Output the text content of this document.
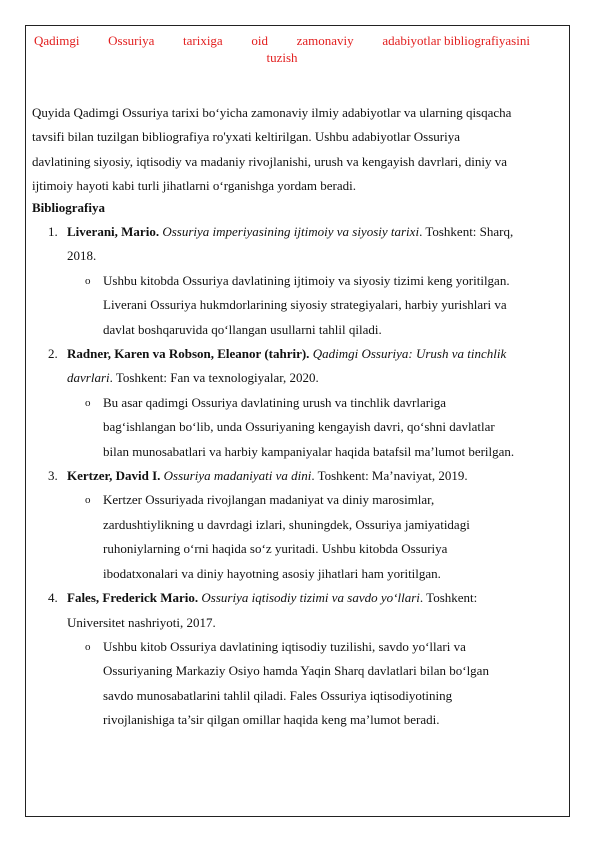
Qadimgi Ossuriya tarixiga oid zamonaviy adabiyotlar bibliografiyasini
tuzish

Quyida Qadimgi Ossuriya tarixi bo‘yicha zamonaviy ilmiy adabiyotlar va ularning qisqacha tavsifi bilan tuzilgan bibliografiya ro'yxati keltirilgan. Ushbu adabiyotlar Ossuriya davlatining siyosiy, iqtisodiy va madaniy rivojlanishi, urush va kengayish davrlari, diniy va ijtimoiy hayoti kabi turli jihatlarni o‘rganishga yordam beradi.

Bibliografiya

1. Liverani, Mario. Ossuriya imperiyasining ijtimoiy va siyosiy tarixi. Toshkent: Sharq, 2018.
o Ushbu kitobda Ossuriya davlatining ijtimoiy va siyosiy tizimi keng yoritilgan. Liverani Ossuriya hukmdorlarining siyosiy strategiyalari, harbiy yurishlari va davlat boshqaruvida qo‘llangan usullarni tahlil qiladi.
2. Radner, Karen va Robson, Eleanor (tahrir). Qadimgi Ossuriya: Urush va tinchlik davrlari. Toshkent: Fan va texnologiyalar, 2020.
o Bu asar qadimgi Ossuriya davlatining urush va tinchlik davrlariga bag‘ishlangan bo‘lib, unda Ossuriyaning kengayish davri, qo‘shni davlatlar bilan munosabatlari va harbiy kampaniyalar haqida batafsil ma’lumot berilgan.
3. Kertzer, David I. Ossuriya madaniyati va dini. Toshkent: Ma’naviyat, 2019.
o Kertzer Ossuriyada rivojlangan madaniyat va diniy marosimlar, zardushtiylikning u davrdagi izlari, shuningdek, Ossuriya jamiyatidagi ruhoniylarning o‘rni haqida so‘z yuritadi. Ushbu kitobda Ossuriya ibodatxonalari va diniy hayotning asosiy jihatlari ham yoritilgan.
4. Fales, Frederick Mario. Ossuriya iqtisodiy tizimi va savdo yo‘llari. Toshkent: Universitet nashriyoti, 2017.
o Ushbu kitob Ossuriya davlatining iqtisodiy tuzilishi, savdo yo‘llari va Ossuriyaning Markaziy Osiyo hamda Yaqin Sharq davlatlari bilan bo‘lgan savdo munosabatlarini tahlil qiladi. Fales Ossuriya iqtisodiyotining rivojlanishiga ta’sir qilgan omillar haqida keng ma’lumot beradi.
